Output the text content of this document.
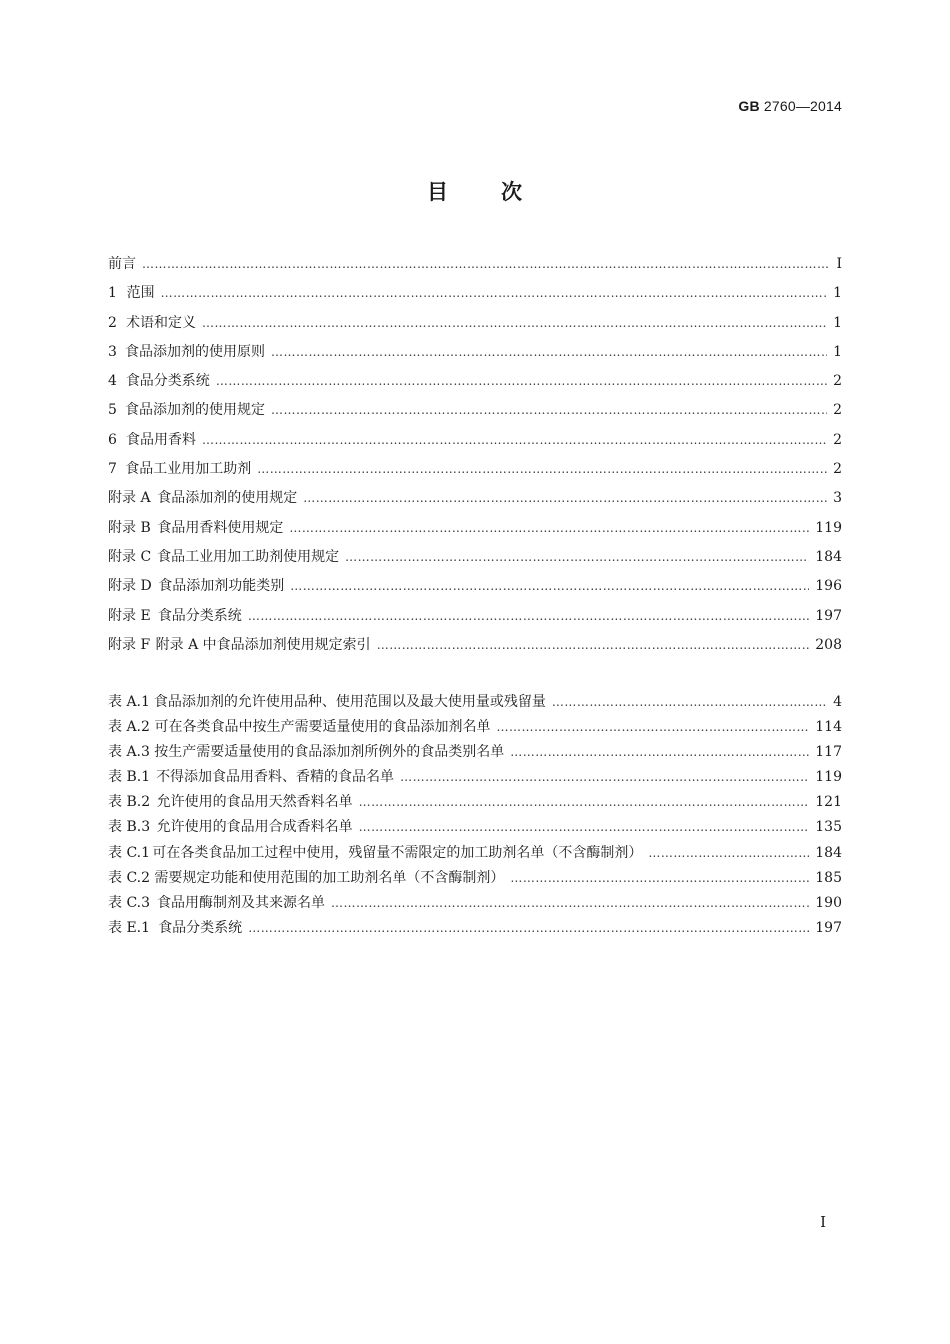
GB 2760—2014
目 次
前言 …………………………………………………………………………………………………………………………………………………………………………………………………………………………………………	Ⅰ
1 范围 …………………………………………………………………………………………………………………………………………………………………………………………………………………………………………	1
2 术语和定义 …………………………………………………………………………………………………………………………………………………………………………………………………………………………………………	1
3 食品添加剂的使用原则 …………………………………………………………………………………………………………………………………………………………………………………………………………………………………………	1
4 食品分类系统 …………………………………………………………………………………………………………………………………………………………………………………………………………………………………………	2
5 食品添加剂的使用规定 …………………………………………………………………………………………………………………………………………………………………………………………………………………………………………	2
6 食品用香料 …………………………………………………………………………………………………………………………………………………………………………………………………………………………………………	2
7 食品工业用加工助剂 …………………………………………………………………………………………………………………………………………………………………………………………………………………………………………	2
附录 A 食品添加剂的使用规定 …………………………………………………………………………………………………………………………………………………………………………………………………………………………………………	3
附录 B 食品用香料使用规定 …………………………………………………………………………………………………………………………………………………………………………………………………………………………………………	119
附录 C 食品工业用加工助剂使用规定 …………………………………………………………………………………………………………………………………………………………………………………………………………………………………………	184
附录 D 食品添加剂功能类别 …………………………………………………………………………………………………………………………………………………………………………………………………………………………………………	196
附录 E 食品分类系统 …………………………………………………………………………………………………………………………………………………………………………………………………………………………………………	197
附录 F 附录 A 中食品添加剂使用规定索引 …………………………………………………………………………………………………………………………………………………………………………………………………………………………………………	208
表 A.1 食品添加剂的允许使用品种、使用范围以及最大使用量或残留量 …………………………………………………………………………………………………………………………………………………………………………………………………………………………………………	4
表 A.2 可在各类食品中按生产需要适量使用的食品添加剂名单 …………………………………………………………………………………………………………………………………………………………………………………………………………………………………………	114
表 A.3 按生产需要适量使用的食品添加剂所例外的食品类别名单 …………………………………………………………………………………………………………………………………………………………………………………………………………………………………………	117
表 B.1 不得添加食品用香料、香精的食品名单 …………………………………………………………………………………………………………………………………………………………………………………………………………………………………………	119
表 B.2 允许使用的食品用天然香料名单 …………………………………………………………………………………………………………………………………………………………………………………………………………………………………………	121
表 B.3 允许使用的食品用合成香料名单 …………………………………………………………………………………………………………………………………………………………………………………………………………………………………………	135
表 C.1 可在各类食品加工过程中使用，残留量不需限定的加工助剂名单（不含酶制剂） …………………………………………………………………………………………………………………………………………………………………………………………………………………………………………	184
表 C.2 需要规定功能和使用范围的加工助剂名单（不含酶制剂） …………………………………………………………………………………………………………………………………………………………………………………………………………………………………………	185
表 C.3 食品用酶制剂及其来源名单 …………………………………………………………………………………………………………………………………………………………………………………………………………………………………………	190
表 E.1 食品分类系统 …………………………………………………………………………………………………………………………………………………………………………………………………………………………………………	197
Ⅰ
